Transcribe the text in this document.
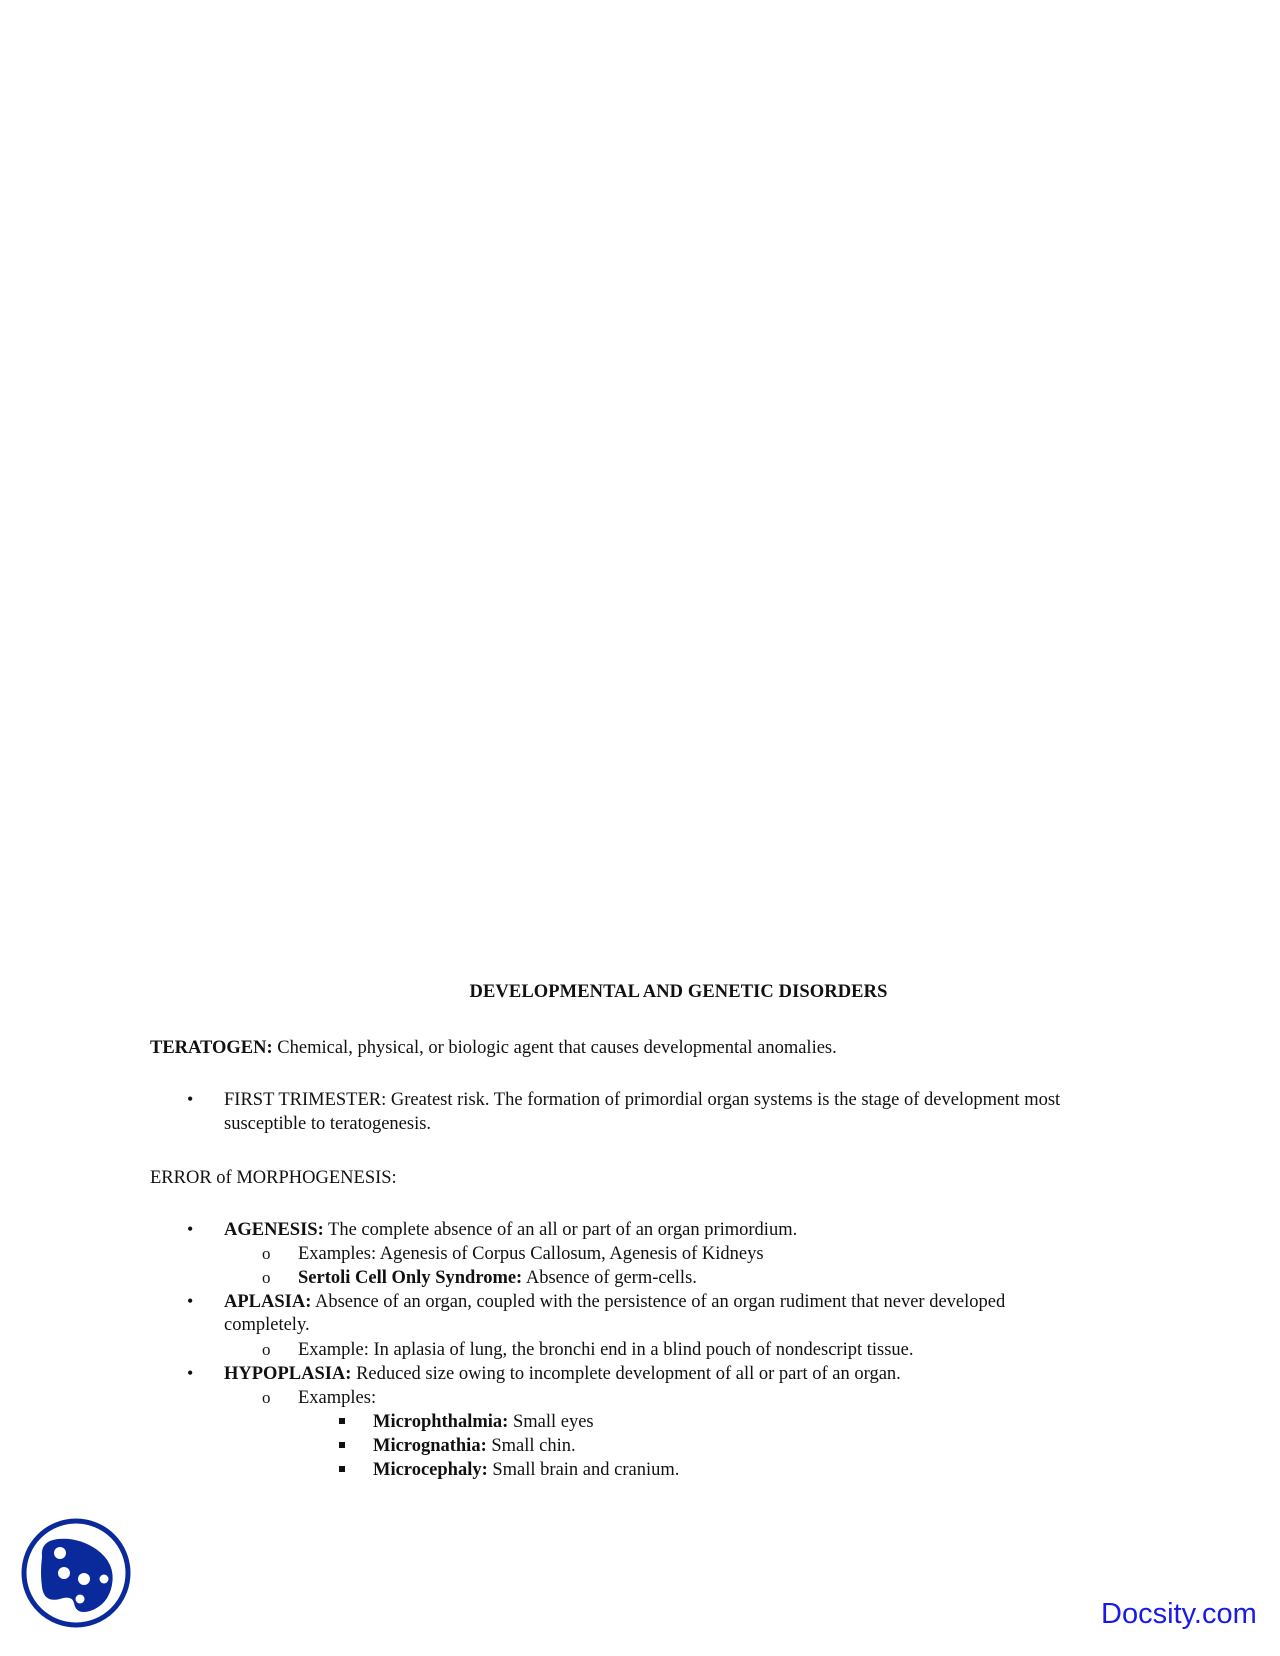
DEVELOPMENTAL AND GENETIC DISORDERS
TERATOGEN: Chemical, physical, or biologic agent that causes developmental anomalies.
• FIRST TRIMESTER: Greatest risk. The formation of primordial organ systems is the stage of development most
susceptible to teratogenesis.
ERROR of MORPHOGENESIS:
• AGENESIS: The complete absence of an all or part of an organ primordium.
o Examples: Agenesis of Corpus Callosum, Agenesis of Kidneys
o Sertoli Cell Only Syndrome: Absence of germ-cells.
• APLASIA: Absence of an organ, coupled with the persistence of an organ rudiment that never developed
completely.
o Example: In aplasia of lung, the bronchi end in a blind pouch of nondescript tissue.
• HYPOPLASIA: Reduced size owing to incomplete development of all or part of an organ.
o Examples:
Microphthalmia: Small eyes
Micrognathia: Small chin.
Microcephaly: Small brain and cranium.
Docsity.com
